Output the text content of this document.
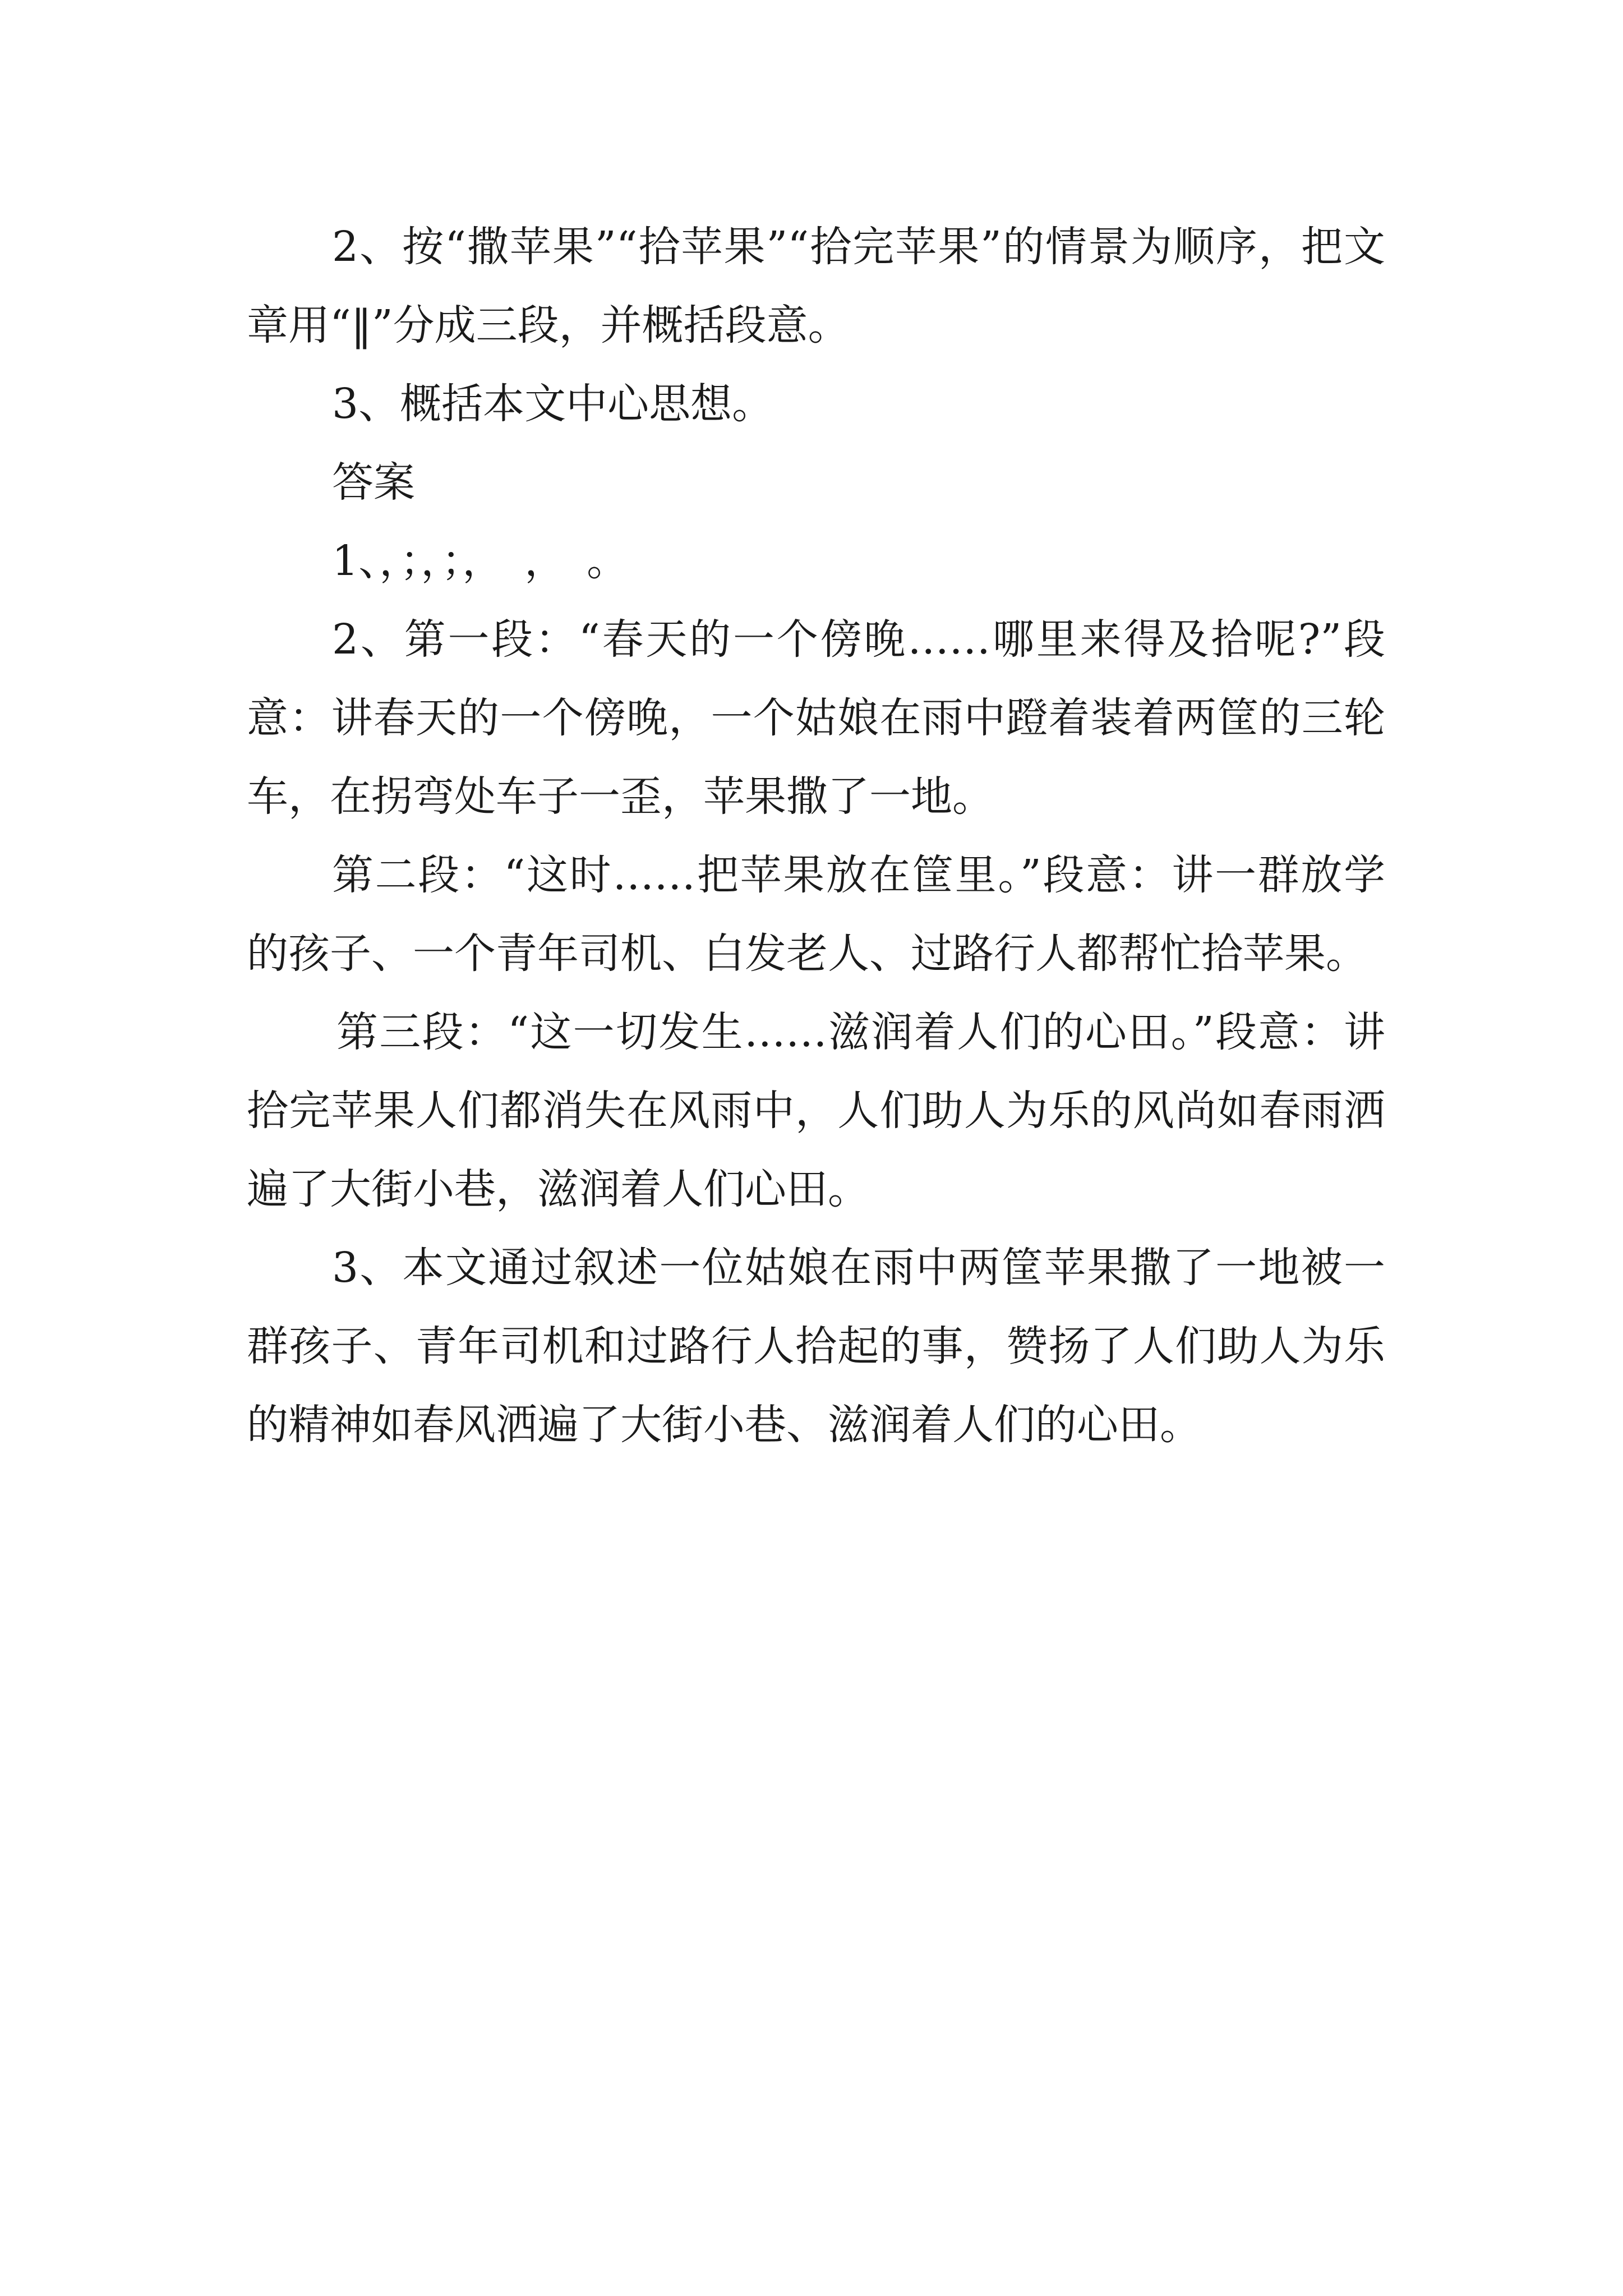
2、按“撒苹果”“拾苹果”“拾完苹果”的情景为顺序，把文章用“‖”分成三段，并概括段意。

3、概括本文中心思想。

答案

1、，；，；，　，　。

2、第一段：“春天的一个傍晚……哪里来得及拾呢?”段意：讲春天的一个傍晚，一个姑娘在雨中蹬着装着两筐的三轮车，在拐弯处车子一歪，苹果撒了一地。

第二段：“这时……把苹果放在筐里。”段意：讲一群放学的孩子、一个青年司机、白发老人、过路行人都帮忙拾苹果。

第三段：“这一切发生……滋润着人们的心田。”段意：讲拾完苹果人们都消失在风雨中，人们助人为乐的风尚如春雨洒遍了大街小巷，滋润着人们心田。

3、本文通过叙述一位姑娘在雨中两筐苹果撒了一地被一群孩子、青年司机和过路行人拾起的事，赞扬了人们助人为乐的精神如春风洒遍了大街小巷、滋润着人们的心田。
